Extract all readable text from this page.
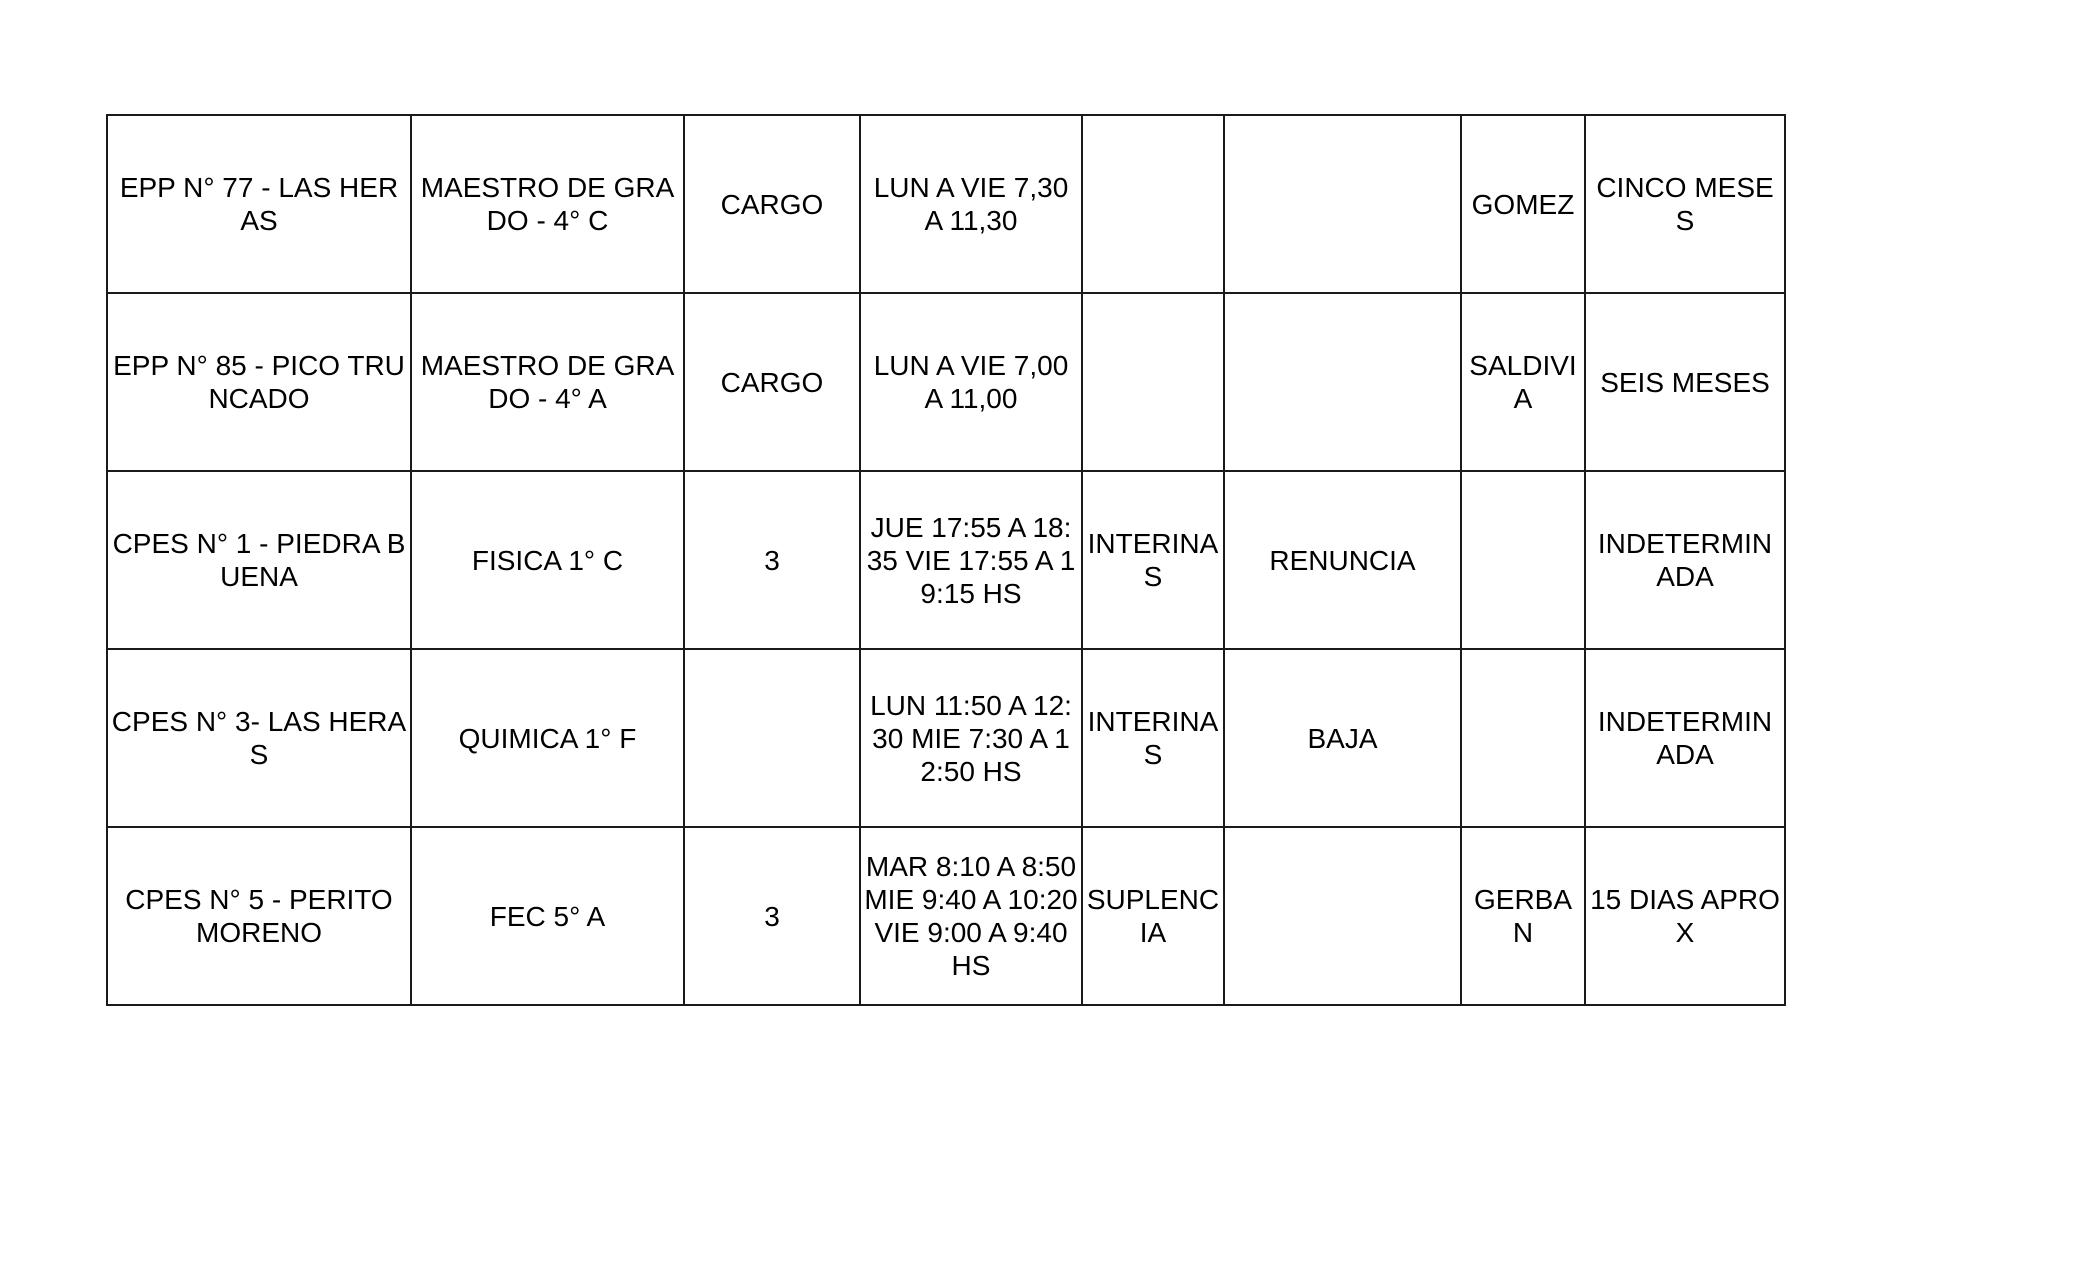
EPP N° 77 - LAS HERAS	MAESTRO DE GRADO - 4° C	CARGO	LUN A VIE 7,30 A 11,30			GOMEZ	CINCO MESES
EPP N° 85 - PICO TRUNCADO	MAESTRO DE GRADO - 4° A	CARGO	LUN A VIE 7,00 A 11,00			SALDIVIA	SEIS MESES
CPES N° 1 - PIEDRA BUENA	FISICA 1° C	3	JUE 17:55 A 18:35 VIE 17:55 A 19:15 HS	INTERINAS	RENUNCIA		INDETERMINADA
CPES N° 3- LAS HERAS	QUIMICA 1° F		LUN 11:50 A 12:30 MIE 7:30 A 12:50 HS	INTERINAS	BAJA		INDETERMINADA
CPES N° 5 - PERITO MORENO	FEC 5° A	3	MAR 8:10 A 8:50 MIE 9:40 A 10:20 VIE 9:00 A 9:40 HS	SUPLENCIA		GERBAN	15 DIAS APROX
